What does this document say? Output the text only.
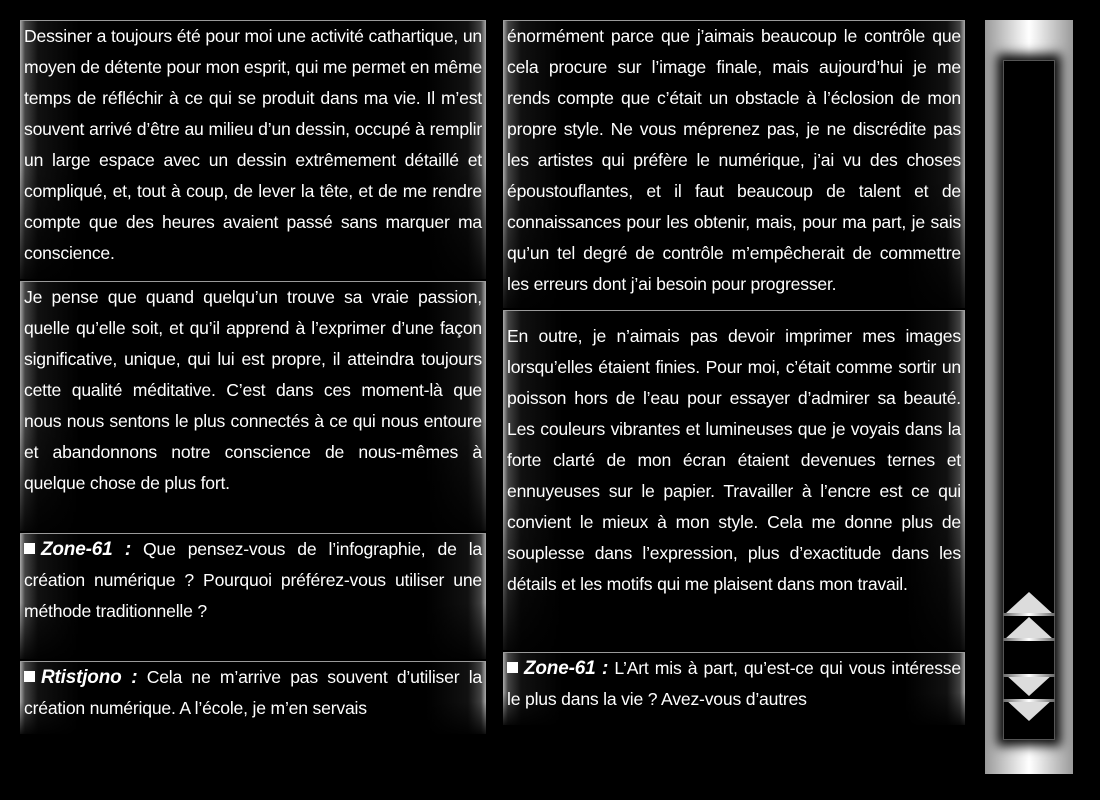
Dessiner a toujours été pour moi une activité cathartique, un moyen de détente pour mon esprit, qui me permet en même temps de réfléchir à ce qui se produit dans ma vie. Il m’est souvent arrivé d’être au milieu d’un dessin, occupé à remplir un large espace avec un dessin extrêmement détaillé et compliqué, et, tout à coup, de lever la tête, et de me rendre compte que des heures avaient passé sans marquer ma conscience.

Je pense que quand quelqu’un trouve sa vraie passion, quelle qu’elle soit, et qu’il apprend à l’exprimer d’une façon significative, unique, qui lui est propre, il atteindra toujours cette qualité méditative. C’est dans ces moment-là que nous nous sentons le plus connectés à ce qui nous entoure et abandonnons notre conscience de nous-mêmes à quelque chose de plus fort.

Zone-61 : Que pensez-vous de l’infographie, de la création numérique ? Pourquoi préférez-vous utiliser une méthode traditionnelle ?

Rtistjono : Cela ne m’arrive pas souvent d’utiliser la création numérique. A l’école, je m’en servais

énormément parce que j’aimais beaucoup le contrôle que cela procure sur l’image finale, mais aujourd’hui je me rends compte que c’était un obstacle à l’éclosion de mon propre style. Ne vous méprenez pas, je ne discrédite pas les artistes qui préfère le numérique, j’ai vu des choses époustouflantes, et il faut beaucoup de talent et de connaissances pour les obtenir, mais, pour ma part, je sais qu’un tel degré de contrôle m’empêcherait de commettre les erreurs dont j’ai besoin pour progresser.

En outre, je n’aimais pas devoir imprimer mes images lorsqu’elles étaient finies. Pour moi, c’était comme sortir un poisson hors de l’eau pour essayer d’admirer sa beauté. Les couleurs vibrantes et lumineuses que je voyais dans la forte clarté de mon écran étaient devenues ternes et ennuyeuses sur le papier. Travailler à l’encre est ce qui convient le mieux à mon style. Cela me donne plus de souplesse dans l’expression, plus d’exactitude dans les détails et les motifs qui me plaisent dans mon travail.

Zone-61 : L’Art mis à part, qu’est-ce qui vous intéresse le plus dans la vie ? Avez-vous d’autres
